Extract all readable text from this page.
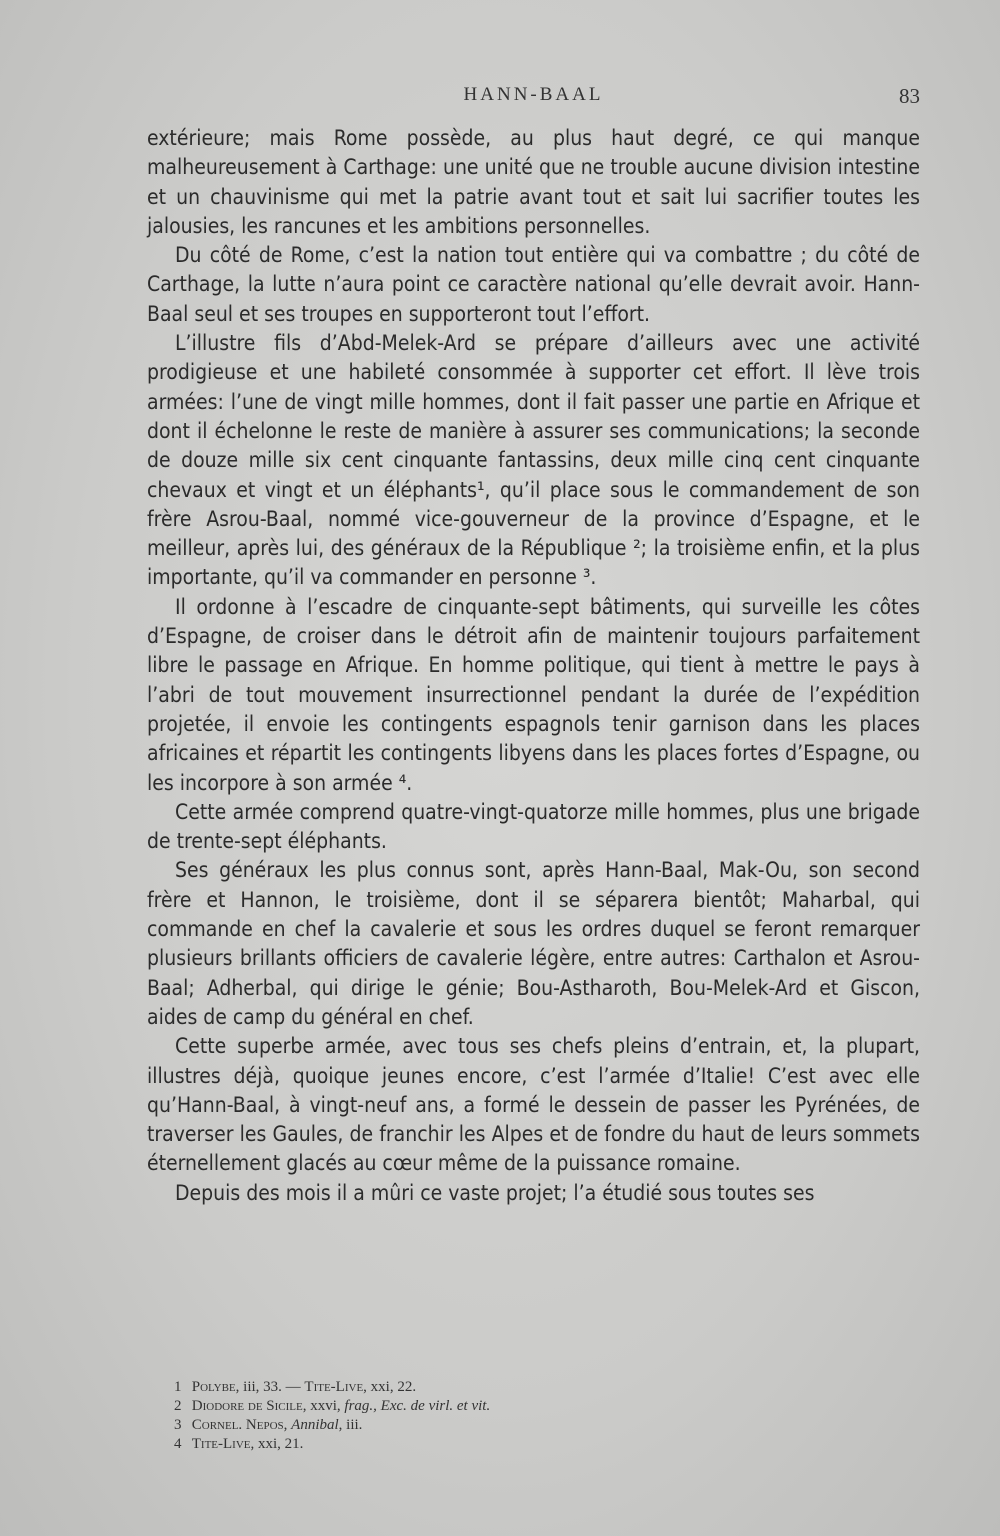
HANN-BAAL	83

extérieure; mais Rome possède, au plus haut degré, ce qui manque malheureusement à Carthage: une unité que ne trouble aucune division intestine et un chauvinisme qui met la patrie avant tout et sait lui sacrifier toutes les jalousies, les rancunes et les ambitions personnelles.

Du côté de Rome, c’est la nation tout entière qui va combattre ; du côté de Carthage, la lutte n’aura point ce caractère national qu’elle devrait avoir. Hann-Baal seul et ses troupes en supporteront tout l’effort.

L’illustre fils d’Abd-Melek-Ard se prépare d’ailleurs avec une activité prodigieuse et une habileté consommée à supporter cet effort. Il lève trois armées: l’une de vingt mille hommes, dont il fait passer une partie en Afrique et dont il échelonne le reste de manière à assurer ses communications; la seconde de douze mille six cent cinquante fantassins, deux mille cinq cent cinquante chevaux et vingt et un éléphants¹, qu’il place sous le commandement de son frère Asrou-Baal, nommé vice-gouverneur de la province d’Espagne, et le meilleur, après lui, des généraux de la République ²; la troisième enfin, et la plus importante, qu’il va commander en personne ³.

Il ordonne à l’escadre de cinquante-sept bâtiments, qui surveille les côtes d’Espagne, de croiser dans le détroit afin de maintenir toujours parfaitement libre le passage en Afrique. En homme politique, qui tient à mettre le pays à l’abri de tout mouvement insurrectionnel pendant la durée de l’expédition projetée, il envoie les contingents espagnols tenir garnison dans les places africaines et répartit les contingents libyens dans les places fortes d’Espagne, ou les incorpore à son armée ⁴.

Cette armée comprend quatre-vingt-quatorze mille hommes, plus une brigade de trente-sept éléphants.

Ses généraux les plus connus sont, après Hann-Baal, Mak-Ou, son second frère et Hannon, le troisième, dont il se séparera bientôt; Maharbal, qui commande en chef la cavalerie et sous les ordres duquel se feront remarquer plusieurs brillants officiers de cavalerie légère, entre autres: Carthalon et Asrou-Baal; Adherbal, qui dirige le génie; Bou-Astharoth, Bou-Melek-Ard et Giscon, aides de camp du général en chef.

Cette superbe armée, avec tous ses chefs pleins d’entrain, et, la plupart, illustres déjà, quoique jeunes encore, c’est l’armée d’Italie! C’est avec elle qu’Hann-Baal, à vingt-neuf ans, a formé le dessein de passer les Pyrénées, de traverser les Gaules, de franchir les Alpes et de fondre du haut de leurs sommets éternellement glacés au cœur même de la puissance romaine.

Depuis des mois il a mûri ce vaste projet; l’a étudié sous toutes ses

1 Polybe, iii, 33. — Tite-Live, xxi, 22.
2 Diodore de Sicile, xxvi, frag., Exc. de virl. et vit.
3 Cornel. Nepos, Annibal, iii.
4 Tite-Live, xxi, 21.
